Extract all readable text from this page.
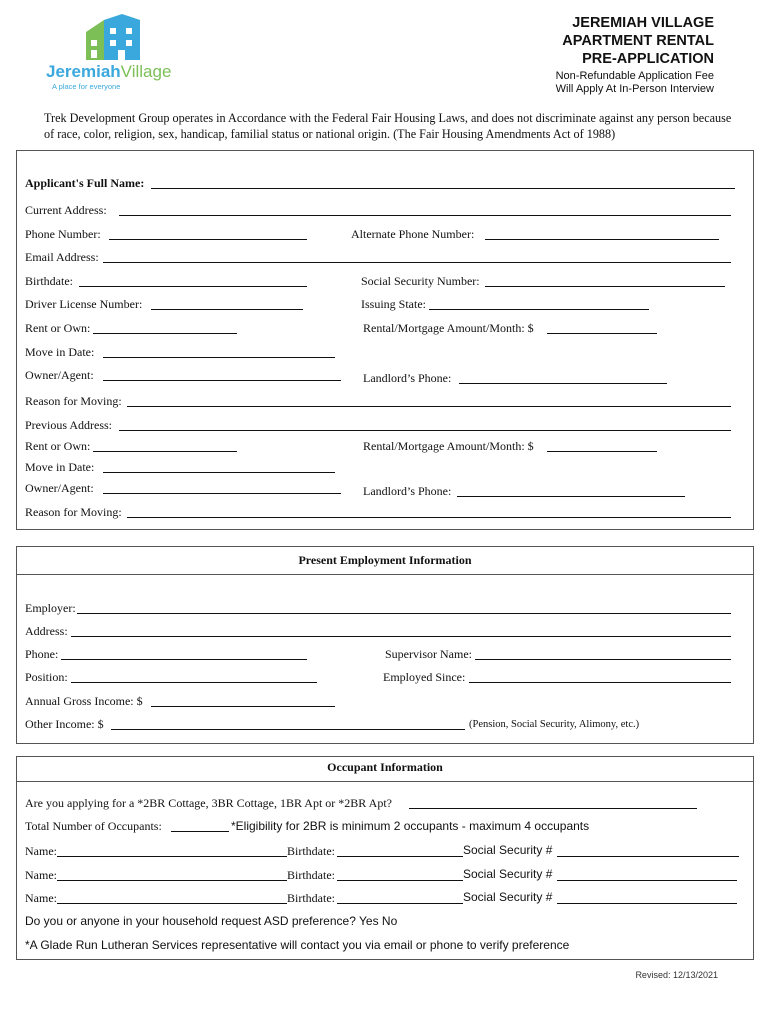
JeremiahVillage
A place for everyone
JEREMIAH VILLAGE
APARTMENT RENTAL
PRE-APPLICATION
Non-Refundable Application Fee
Will Apply At In-Person Interview
Trek Development Group operates in Accordance with the Federal Fair Housing Laws, and does not discriminate against any person because of race, color, religion, sex, handicap, familial status or national origin. (The Fair Housing Amendments Act of 1988)
Applicant's Full Name:
Current Address:
Phone Number:	Alternate Phone Number:
Email Address:
Birthdate:	Social Security Number:
Driver License Number:	Issuing State:
Rent or Own:	Rental/Mortgage Amount/Month: $
Move in Date:
Owner/Agent:	Landlord’s Phone:
Reason for Moving:
Previous Address:
Rent or Own:	Rental/Mortgage Amount/Month: $
Move in Date:
Owner/Agent:	Landlord’s Phone:
Reason for Moving:
Present Employment Information
Employer:
Address:
Phone:	Supervisor Name:
Position:	Employed Since:
Annual Gross Income: $
Other Income: $	(Pension, Social Security, Alimony, etc.)
Occupant Information
Are you applying for a *2BR Cottage, 3BR Cottage, 1BR Apt or *2BR Apt?
Total Number of Occupants:	*Eligibility for 2BR is minimum 2 occupants - maximum 4 occupants
Name:	Birthdate:	Social Security #
Name:	Birthdate:	Social Security #
Name:	Birthdate:	Social Security #
Do you or anyone in your household request ASD preference? Yes No
*A Glade Run Lutheran Services representative will contact you via email or phone to verify preference
Revised: 12/13/2021
